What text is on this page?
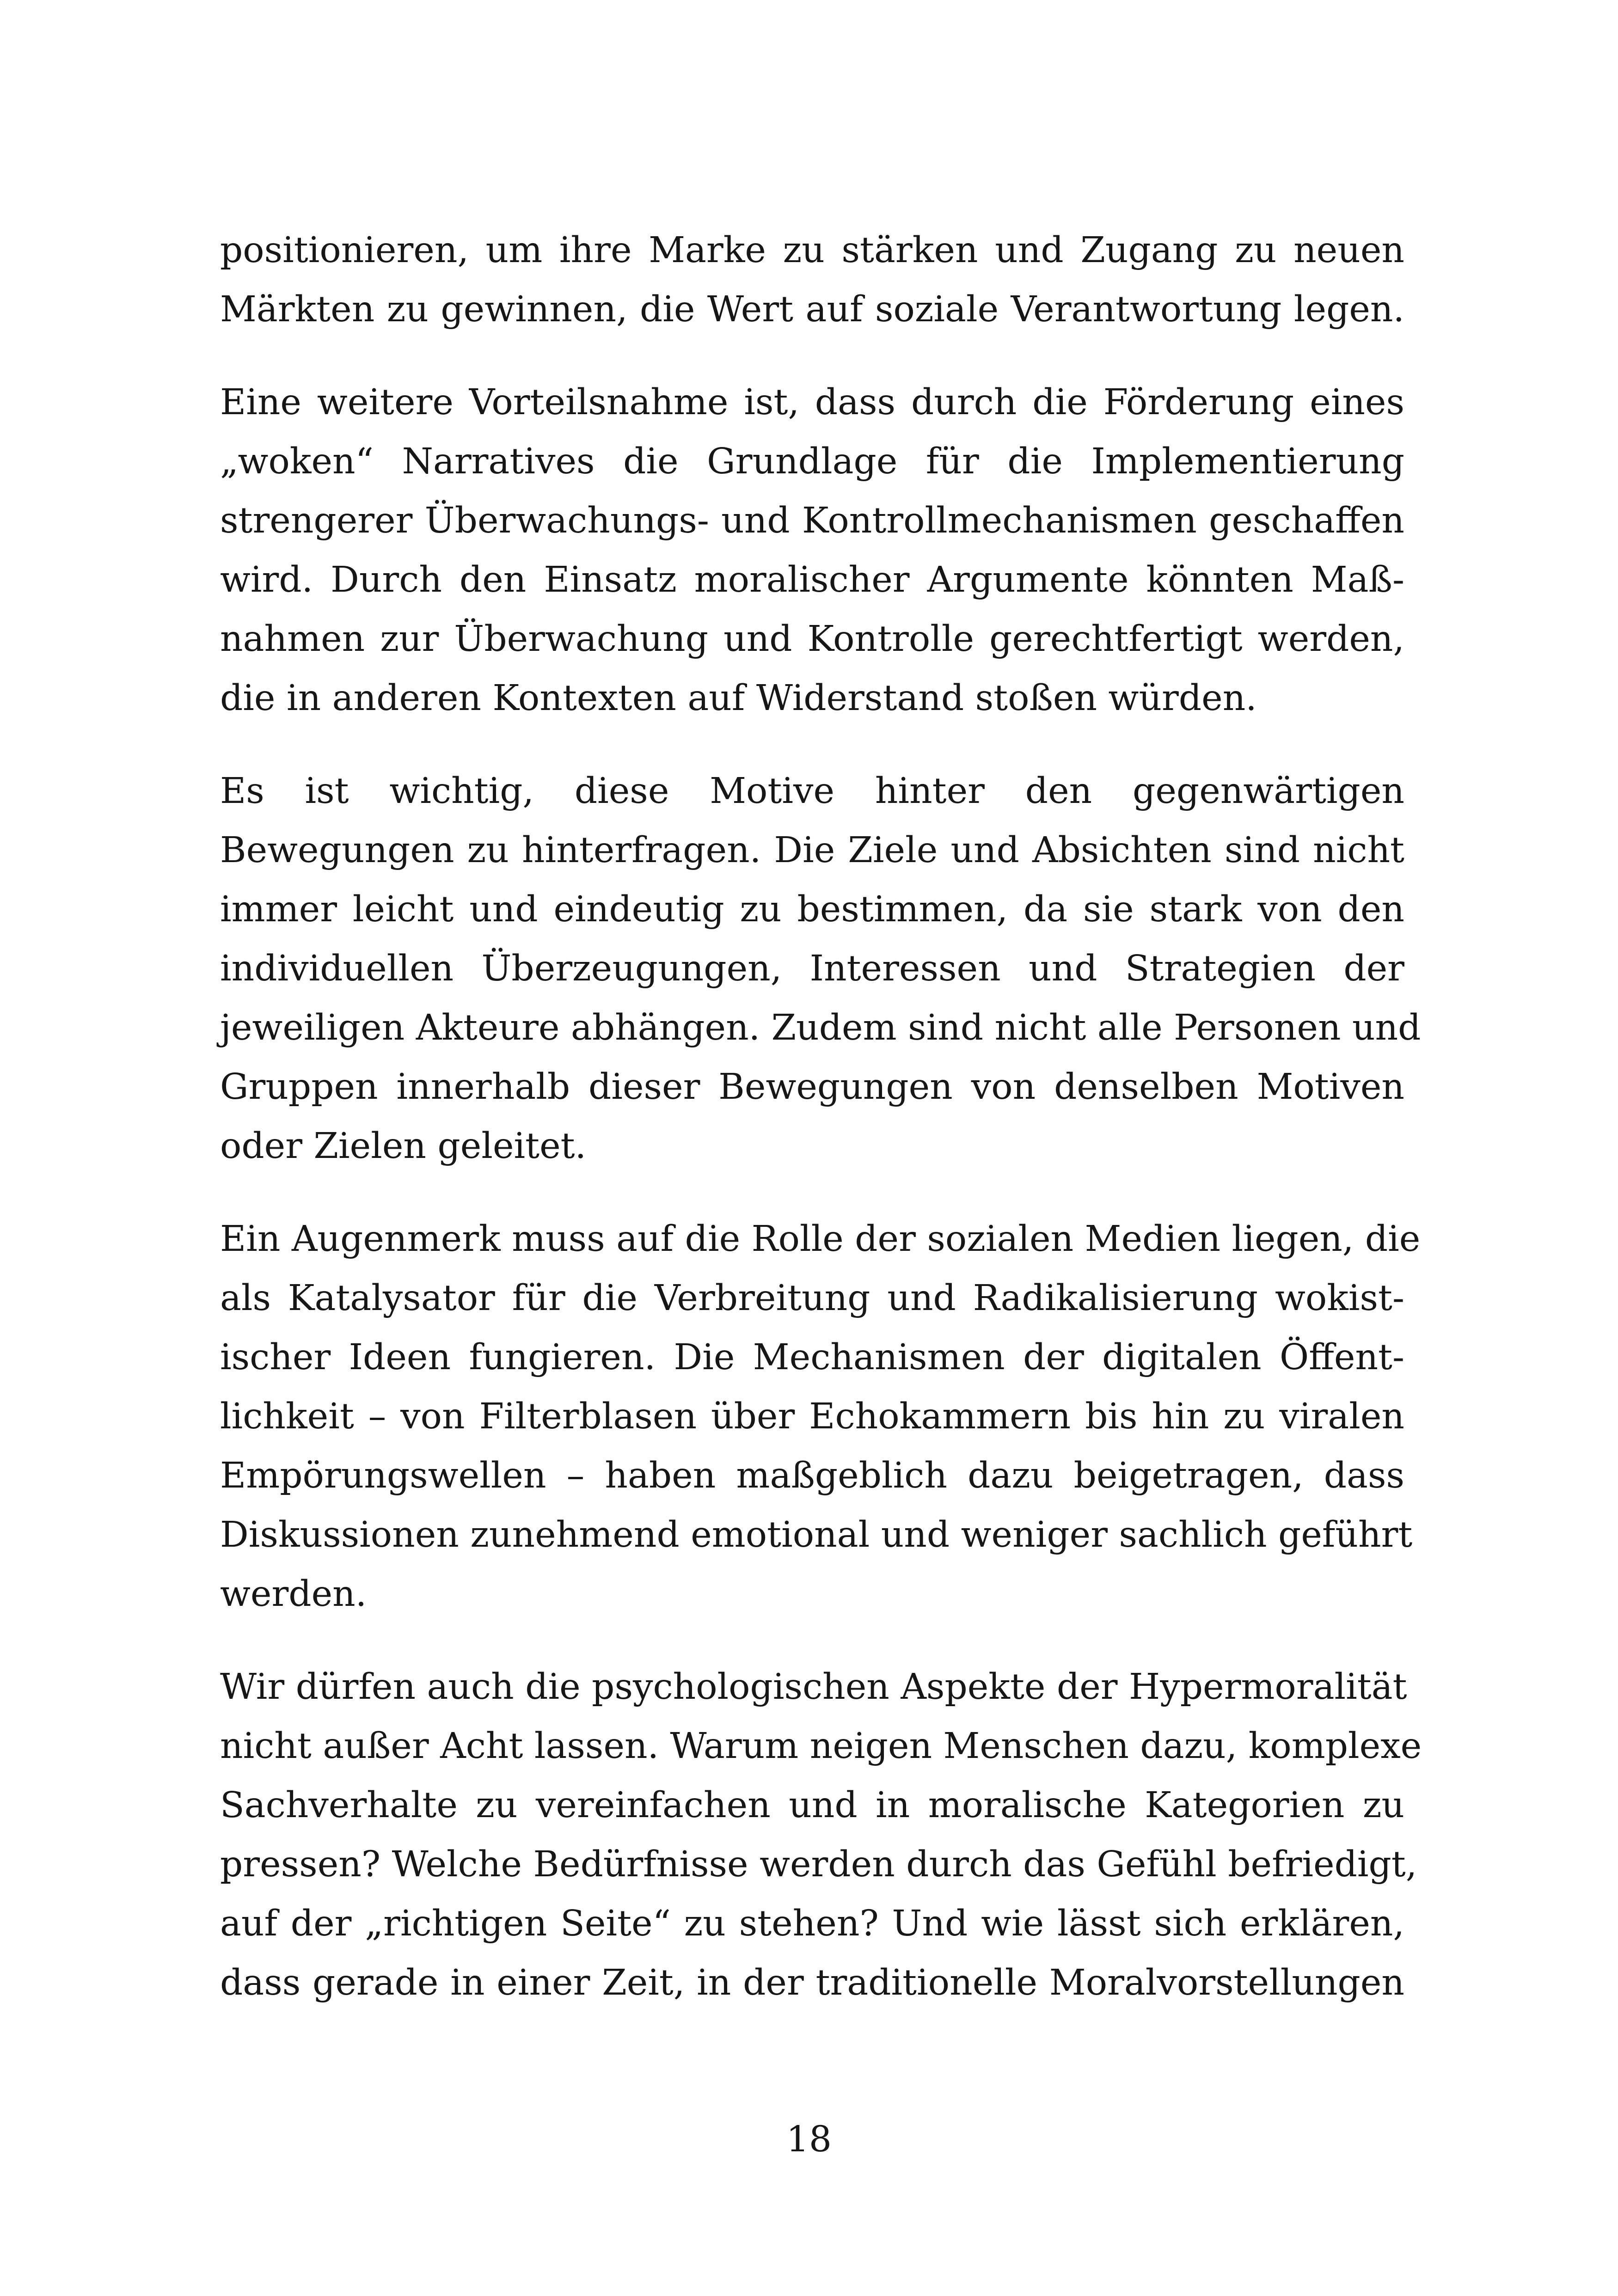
positionieren, um ihre Marke zu stärken und Zugang zu neuen
Märkten zu gewinnen, die Wert auf soziale Verantwortung legen.

Eine weitere Vorteilsnahme ist, dass durch die Förderung eines
„woken“ Narratives die Grundlage für die Implementierung
strengerer Überwachungs- und Kontrollmechanismen geschaffen
wird. Durch den Einsatz moralischer Argumente könnten Maß-
nahmen zur Überwachung und Kontrolle gerechtfertigt werden,
die in anderen Kontexten auf Widerstand stoßen würden.

Es ist wichtig, diese Motive hinter den gegenwärtigen
Bewegungen zu hinterfragen. Die Ziele und Absichten sind nicht
immer leicht und eindeutig zu bestimmen, da sie stark von den
individuellen Überzeugungen, Interessen und Strategien der
jeweiligen Akteure abhängen. Zudem sind nicht alle Personen und
Gruppen innerhalb dieser Bewegungen von denselben Motiven
oder Zielen geleitet.

Ein Augenmerk muss auf die Rolle der sozialen Medien liegen, die
als Katalysator für die Verbreitung und Radikalisierung wokist-
ischer Ideen fungieren. Die Mechanismen der digitalen Öffent-
lichkeit – von Filterblasen über Echokammern bis hin zu viralen
Empörungswellen – haben maßgeblich dazu beigetragen, dass
Diskussionen zunehmend emotional und weniger sachlich geführt
werden.

Wir dürfen auch die psychologischen Aspekte der Hypermoralität
nicht außer Acht lassen. Warum neigen Menschen dazu, komplexe
Sachverhalte zu vereinfachen und in moralische Kategorien zu
pressen? Welche Bedürfnisse werden durch das Gefühl befriedigt,
auf der „richtigen Seite“ zu stehen? Und wie lässt sich erklären,
dass gerade in einer Zeit, in der traditionelle Moralvorstellungen

18
